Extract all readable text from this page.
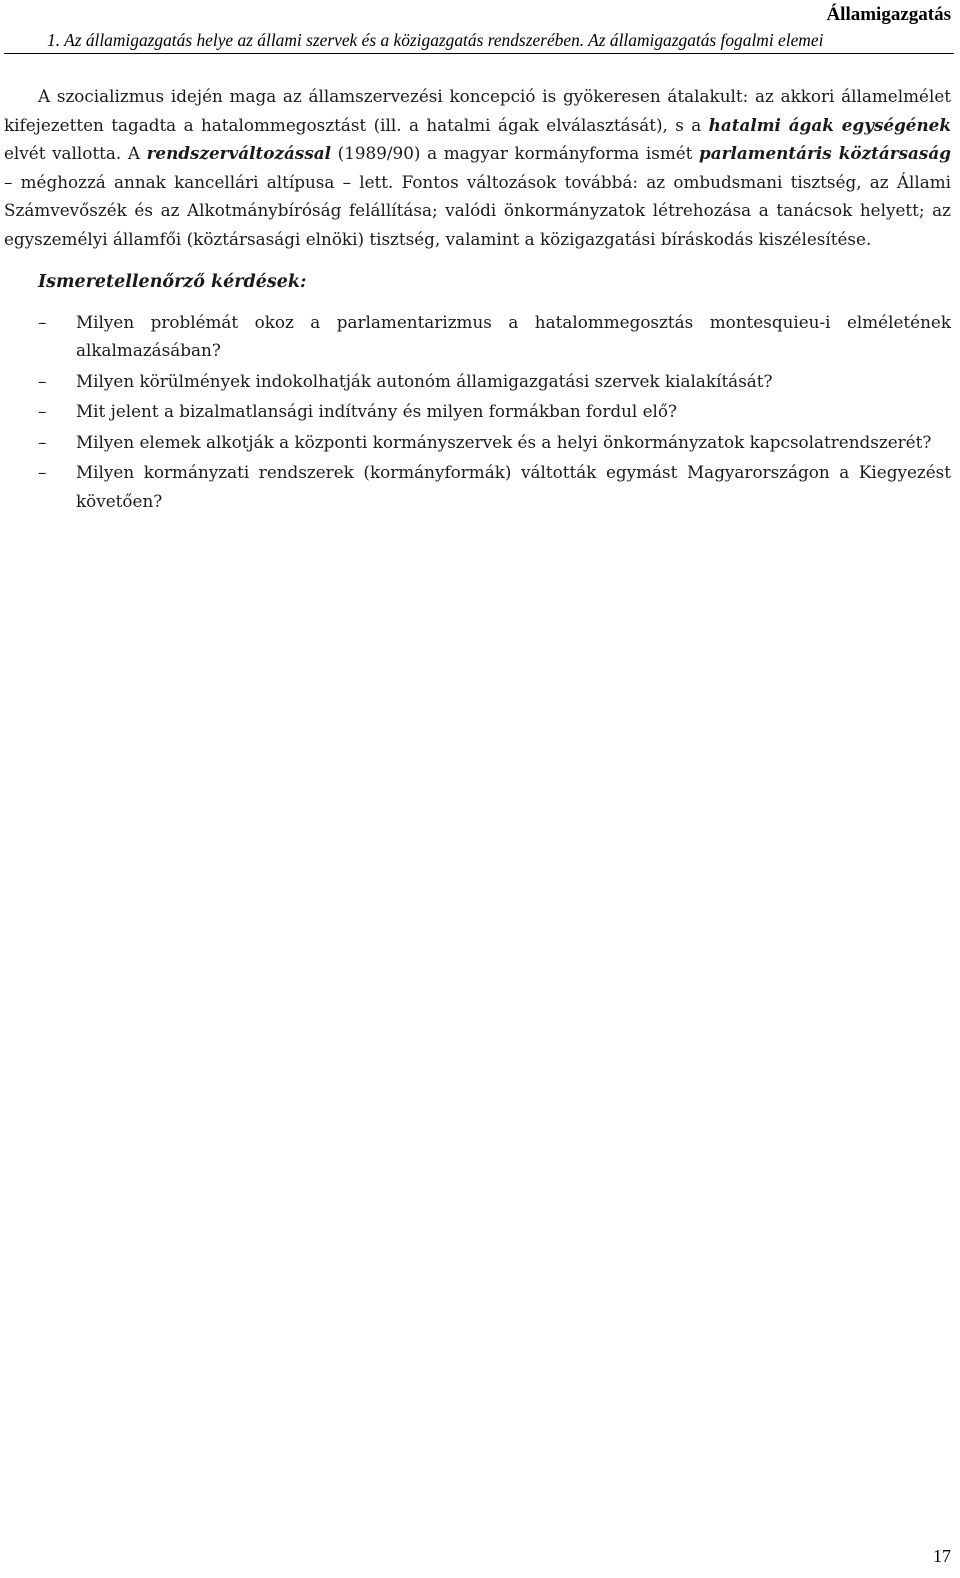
Államigazgatás
1. Az államigazgatás helye az állami szervek és a közigazgatás rendszerében. Az államigazgatás fogalmi elemei

A szocializmus idején maga az államszervezési koncepció is gyökeresen átalakult: az akkori államelmélet kifejezetten tagadta a hatalommegosztást (ill. a hatalmi ágak elválasztását), s a hatalmi ágak egységének elvét vallotta. A rendszerváltozással (1989/90) a magyar kormányforma ismét parlamentáris köztársaság – méghozzá annak kancellári altípusa – lett. Fontos változások továbbá: az ombudsmani tisztség, az Állami Számvevőszék és az Alkotmánybíróság felállítása; valódi önkormányzatok létrehozása a tanácsok helyett; az egyszemélyi államfői (köztársasági elnöki) tisztség, valamint a közigazgatási bíráskodás kiszélesítése.

Ismeretellenőrző kérdések:
– Milyen problémát okoz a parlamentarizmus a hatalommegosztás montesquieu-i elméletének alkalmazásában?
– Milyen körülmények indokolhatják autonóm államigazgatási szervek kialakítását?
– Mit jelent a bizalmatlansági indítvány és milyen formákban fordul elő?
– Milyen elemek alkotják a központi kormányszervek és a helyi önkormányzatok kapcsolatrendszerét?
– Milyen kormányzati rendszerek (kormányformák) váltották egymást Magyarországon a Kiegyezést követően?
17
